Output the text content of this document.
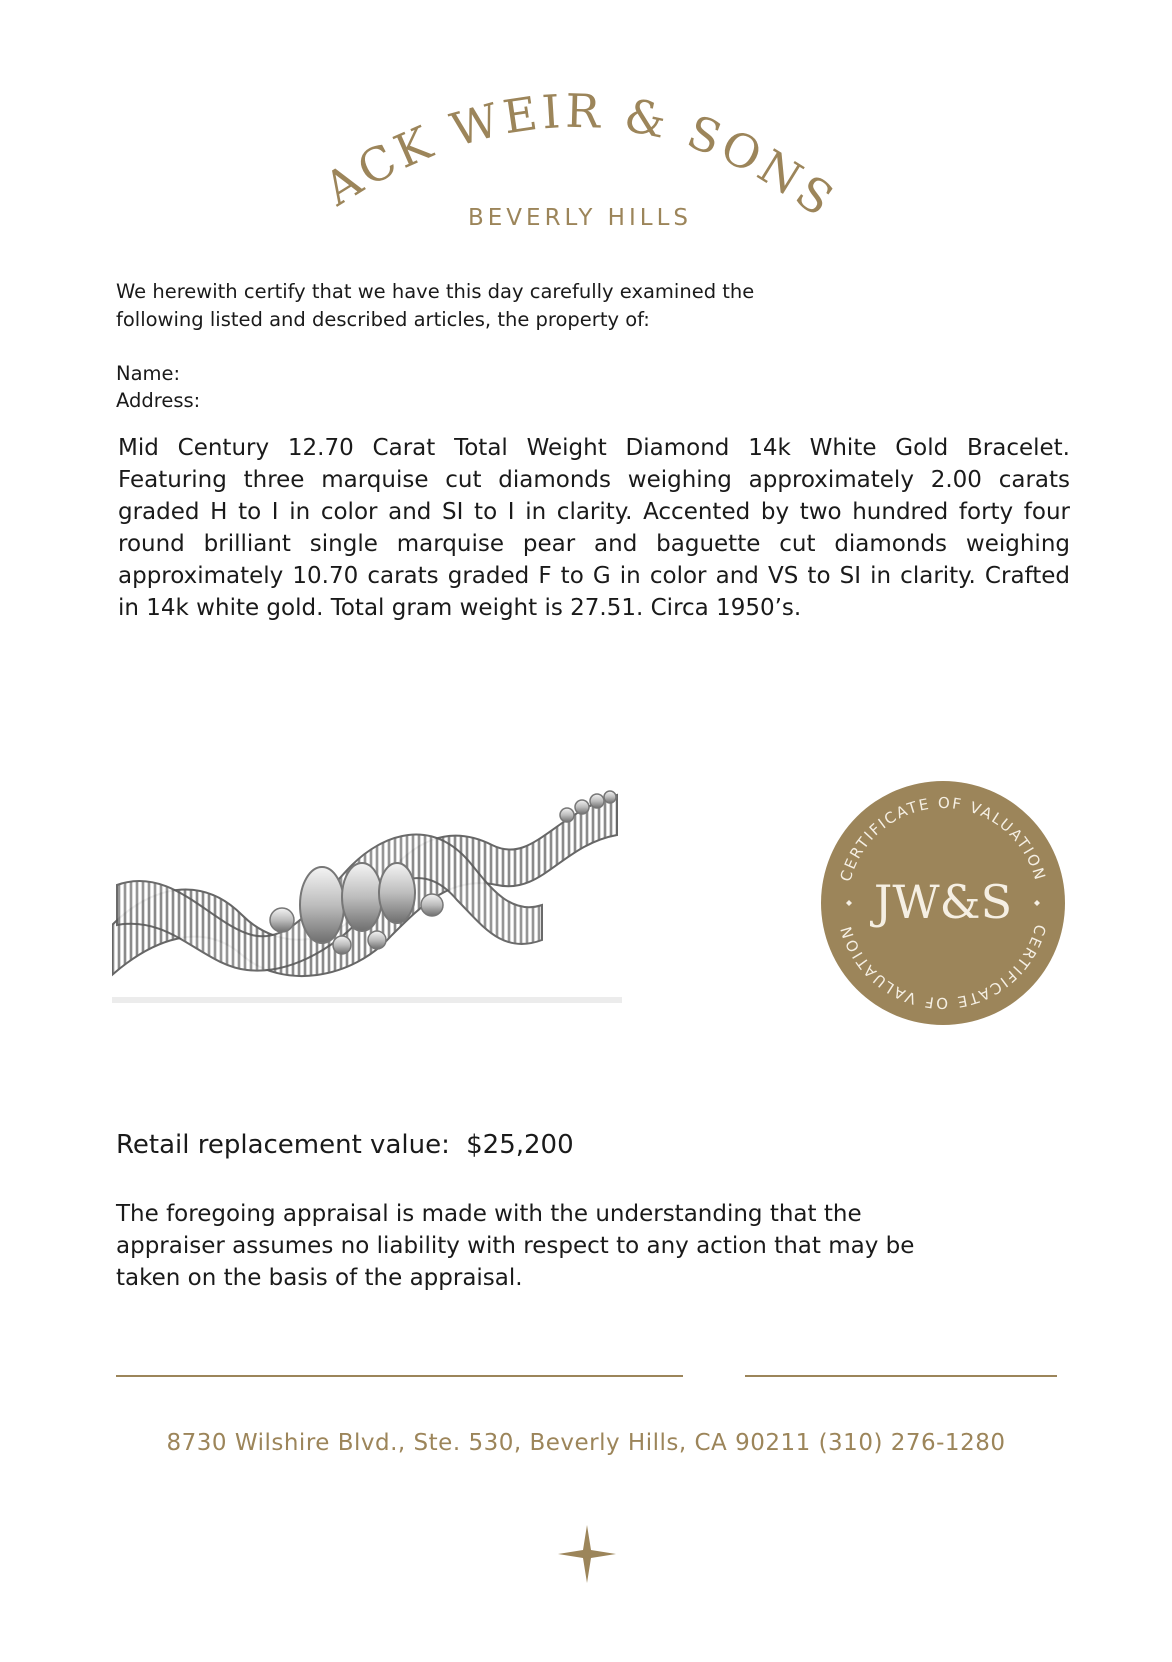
JACK WEIR & SONS
BEVERLY HILLS
We herewith certify that we have this day carefully examined the
following listed and described articles, the property of:
Name:
Address:
Mid Century 12.70 Carat Total Weight Diamond 14k White Gold Bracelet. Featuring three marquise cut diamonds weighing approximately 2.00 carats graded H to I in color and SI to I in clarity. Accented by two hundred forty four round brilliant single marquise pear and baguette cut diamonds weighing approximately 10.70 carats graded F to G in color and VS to SI in clarity. Crafted in 14k white gold. Total gram weight is 27.51. Circa 1950’s.
CERTIFICATE OF VALUATION
CERTIFICATE OF VALUATION
JW&S
Retail replacement value: $25,200
The foregoing appraisal is made with the understanding that the
appraiser assumes no liability with respect to any action that may be
taken on the basis of the appraisal.
8730 Wilshire Blvd., Ste. 530, Beverly Hills, CA 90211 (310) 276-1280
